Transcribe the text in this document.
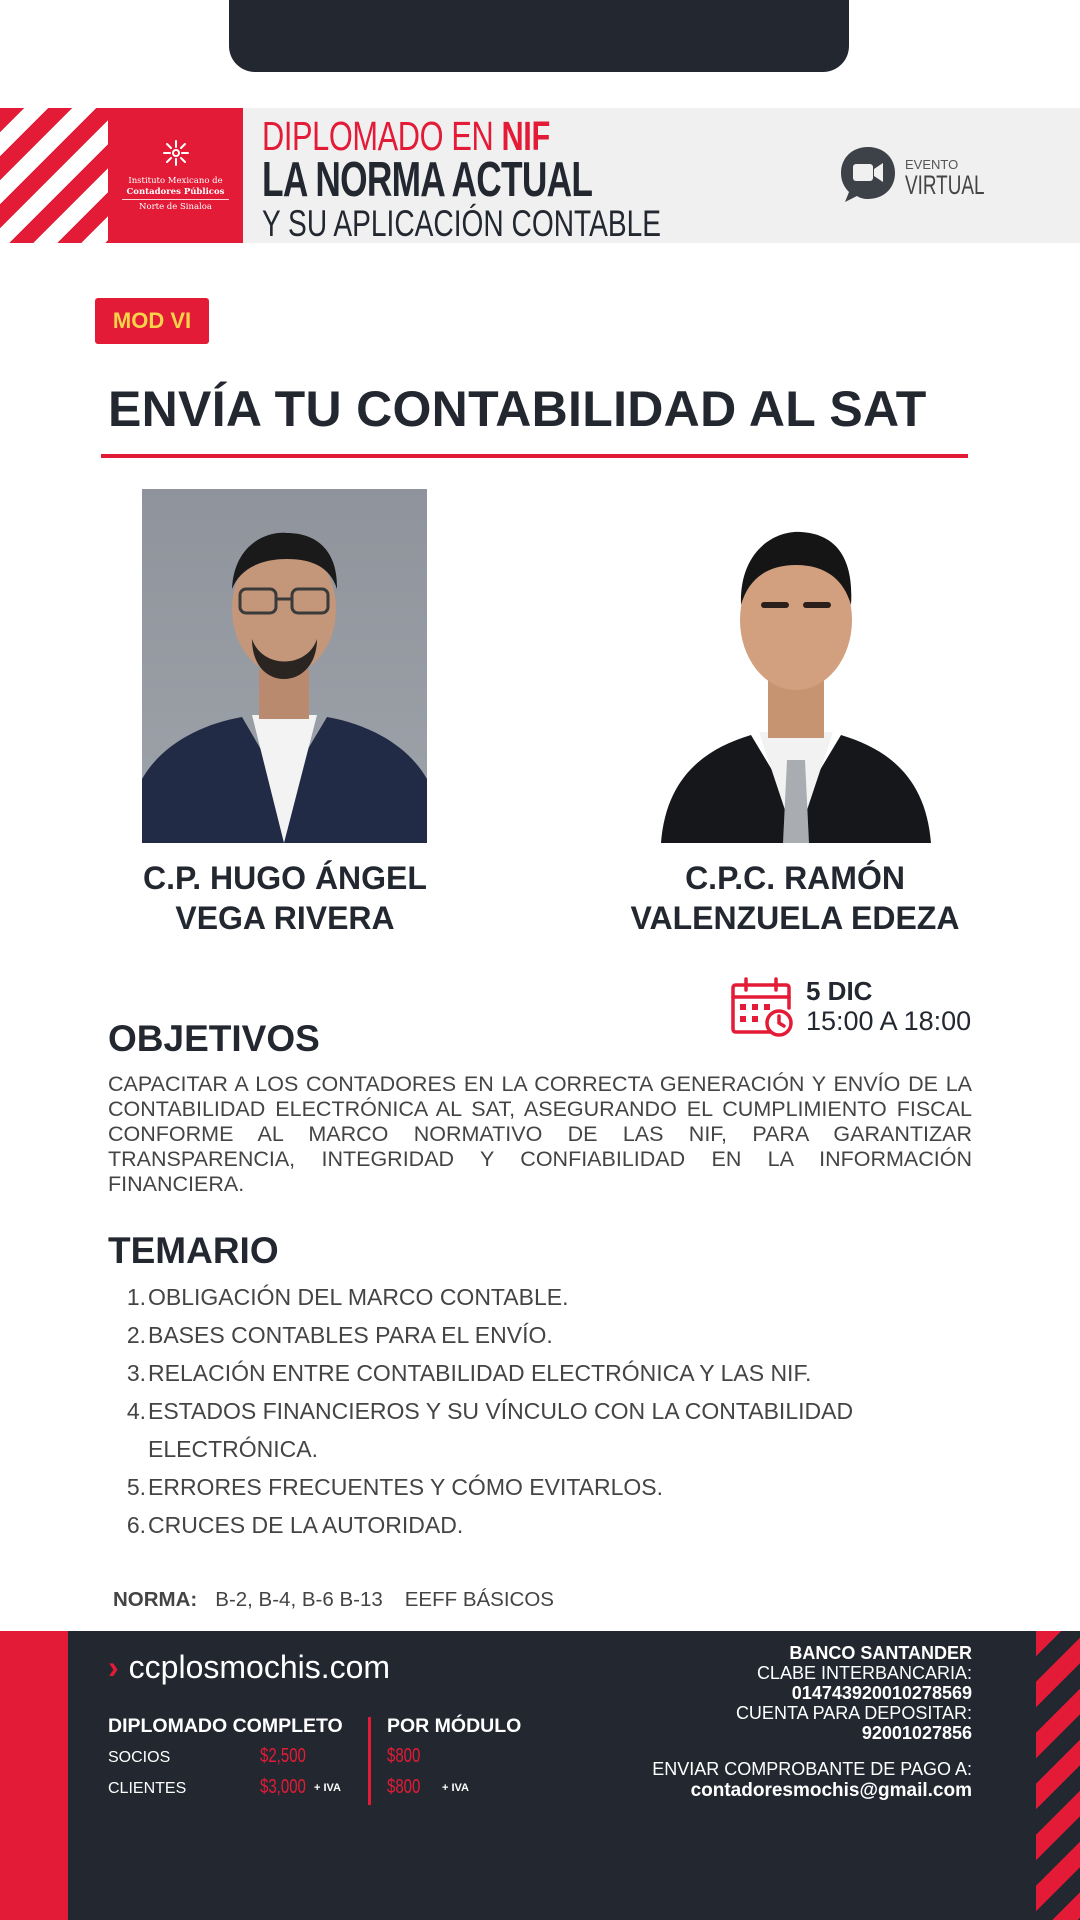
Instituto Mexicano de
Contadores Públicos
Norte de Sinaloa
DIPLOMADO EN NIF
LA NORMA ACTUAL
Y SU APLICACIÓN CONTABLE
EVENTO
VIRTUAL
MOD VI
ENVÍA TU CONTABILIDAD AL SAT
C.P. HUGO ÁNGEL
VEGA RIVERA
C.P.C. RAMÓN
VALENZUELA EDEZA
5 DIC
15:00 A 18:00
OBJETIVOS
CAPACITAR A LOS CONTADORES EN LA CORRECTA GENERACIÓN Y ENVÍO DE LA CONTABILIDAD ELECTRÓNICA AL SAT, ASEGURANDO EL CUMPLIMIENTO FISCAL CONFORME AL MARCO NORMATIVO DE LAS NIF, PARA GARANTIZAR TRANSPARENCIA, INTEGRIDAD Y CONFIABILIDAD EN LA INFORMACIÓN FINANCIERA.
TEMARIO
1. OBLIGACIÓN DEL MARCO CONTABLE.
2. BASES CONTABLES PARA EL ENVÍO.
3. RELACIÓN ENTRE CONTABILIDAD ELECTRÓNICA Y LAS NIF.
4. ESTADOS FINANCIEROS Y SU VÍNCULO CON LA CONTABILIDAD ELECTRÓNICA.
5. ERRORES FRECUENTES Y CÓMO EVITARLOS.
6. CRUCES DE LA AUTORIDAD.
NORMA: B-2, B-4, B-6 B-13 EEFF BÁSICOS
› ccplosmochis.com
DIPLOMADO COMPLETO POR MÓDULO
SOCIOS
CLIENTES
$2,500
$3,000 + IVA
$800
$800 + IVA
BANCO SANTANDER
CLABE INTERBANCARIA:
014743920010278569
CUENTA PARA DEPOSITAR:
92001027856
ENVIAR COMPROBANTE DE PAGO A:
contadoresmochis@gmail.com
